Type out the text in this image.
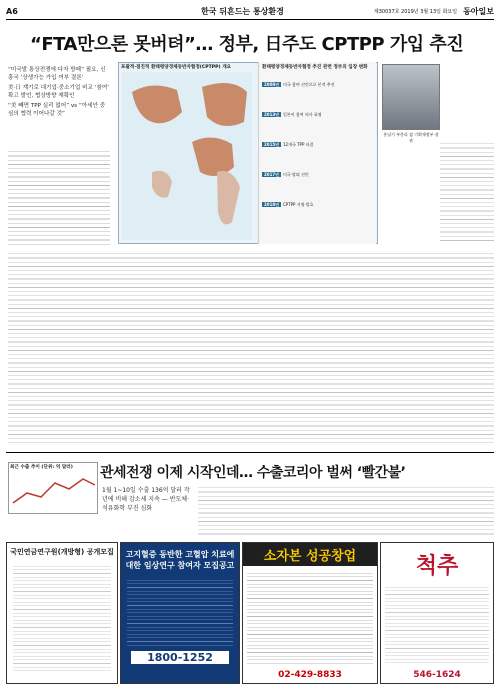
A6	한국 뒤흔드는 통상환경	제30037호 2019년 3월 13일 화요일 동아일보
“FTA만으론 못버텨”… 정부, 日주도 CPTPP 가입 추진
“미국발 통상전쟁에 다자 방패” 필요, 신흥국 ‘상생가능 가입 여부 결론’
美·日 계기로 대기업·중소기업 비교 ‘참여’ 확고 발언, 협상방향 재확인
“美 빼면 TPP 실리 없어” vs “아세안 중심의 협력 이어나갈 것”
포괄적·점진적 환태평양경제동반자협정(CPTPP) 개요	환태평양경제동반자협정 추진 관련 정부의 입장 변화
2008년 미국 참여 선언으로 본격 추진
2013년 일본이 참여 의사 표명
2015년 12개국 TPP 타결
2017년 미국 탈퇴 선언
2018년 CPTPP 서명·발효
홍남기 부총리 겸 기획재정부 장관
최근 수출 추이 (단위: 억 달러) 관세전쟁 이제 시작인데… 수출코리아 벌써 ‘빨간불’
1월 1~10일 수출 136억 달러 작년에 비해 감소세 지속 — 반도체·석유화학 부진 심화
국민연금연구원(개방형) 공개모집	고지혈증 동반한 고혈압 치료에 대한 임상연구 참여자 모집공고
1800-1252
소자본 성공창업
02-429-8833
척추
546-1624
